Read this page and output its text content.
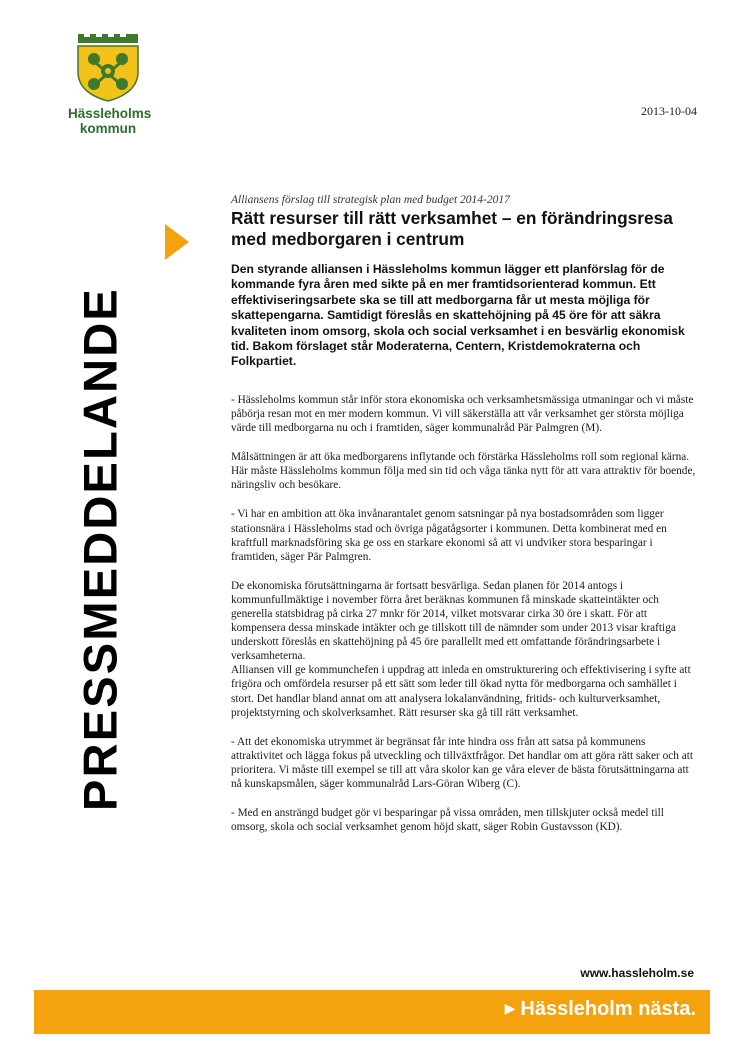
Hässleholms
kommun
2013-10-04
PRESSMEDDELANDE

Alliansens förslag till strategisk plan med budget 2014-2017

Rätt resurser till rätt verksamhet – en förändringsresa med medborgaren i centrum

Den styrande alliansen i Hässleholms kommun lägger ett planförslag för de kommande fyra åren med sikte på en mer framtidsorienterad kommun. Ett effektiviseringsarbete ska se till att medborgarna får ut mesta möjliga för skattepengarna. Samtidigt föreslås en skattehöjning på 45 öre för att säkra kvaliteten inom omsorg, skola och social verksamhet i en besvärlig ekonomisk tid. Bakom förslaget står Moderaterna, Centern, Kristdemokraterna och Folkpartiet.

- Hässleholms kommun står inför stora ekonomiska och verksamhetsmässiga utmaningar och vi måste påbörja resan mot en mer modern kommun. Vi vill säkerställa att vår verksamhet ger största möjliga värde till medborgarna nu och i framtiden, säger kommunalråd Pär Palmgren (M).

Målsättningen är att öka medborgarens inflytande och förstärka Hässleholms roll som regional kärna. Här måste Hässleholms kommun följa med sin tid och våga tänka nytt för att vara attraktiv för boende, näringsliv och besökare.

- Vi har en ambition att öka invånarantalet genom satsningar på nya bostadsområden som ligger stationsnära i Hässleholms stad och övriga pågatågsorter i kommunen. Detta kombinerat med en kraftfull marknadsföring ska ge oss en starkare ekonomi så att vi undviker stora besparingar i framtiden, säger Pär Palmgren.

De ekonomiska förutsättningarna är fortsatt besvärliga. Sedan planen för 2014 antogs i kommunfullmäktige i november förra året beräknas kommunen få minskade skatteintäkter och generella statsbidrag på cirka 27 mnkr för 2014, vilket motsvarar cirka 30 öre i skatt. För att kompensera dessa minskade intäkter och ge tillskott till de nämnder som under 2013 visar kraftiga underskott föreslås en skattehöjning på 45 öre parallellt med ett omfattande förändringsarbete i verksamheterna.

Alliansen vill ge kommunchefen i uppdrag att inleda en omstrukturering och effektivisering i syfte att frigöra och omfördela resurser på ett sätt som leder till ökad nytta för medborgarna och samhället i stort. Det handlar bland annat om att analysera lokalanvändning, fritids- och kulturverksamhet, projektstyrning och skolverksamhet. Rätt resurser ska gå till rätt verksamhet.

- Att det ekonomiska utrymmet är begränsat får inte hindra oss från att satsa på kommunens attraktivitet och lägga fokus på utveckling och tillväxtfrågor. Det handlar om att göra rätt saker och att prioritera. Vi måste till exempel se till att våra skolor kan ge våra elever de bästa förutsättningarna att nå kunskapsmålen, säger kommunalråd Lars-Göran Wiberg (C).

- Med en ansträngd budget gör vi besparingar på vissa områden, men tillskjuter också medel till omsorg, skola och social verksamhet genom höjd skatt, säger Robin Gustavsson (KD).

www.hassleholm.se
▶ Hässleholm nästa.
